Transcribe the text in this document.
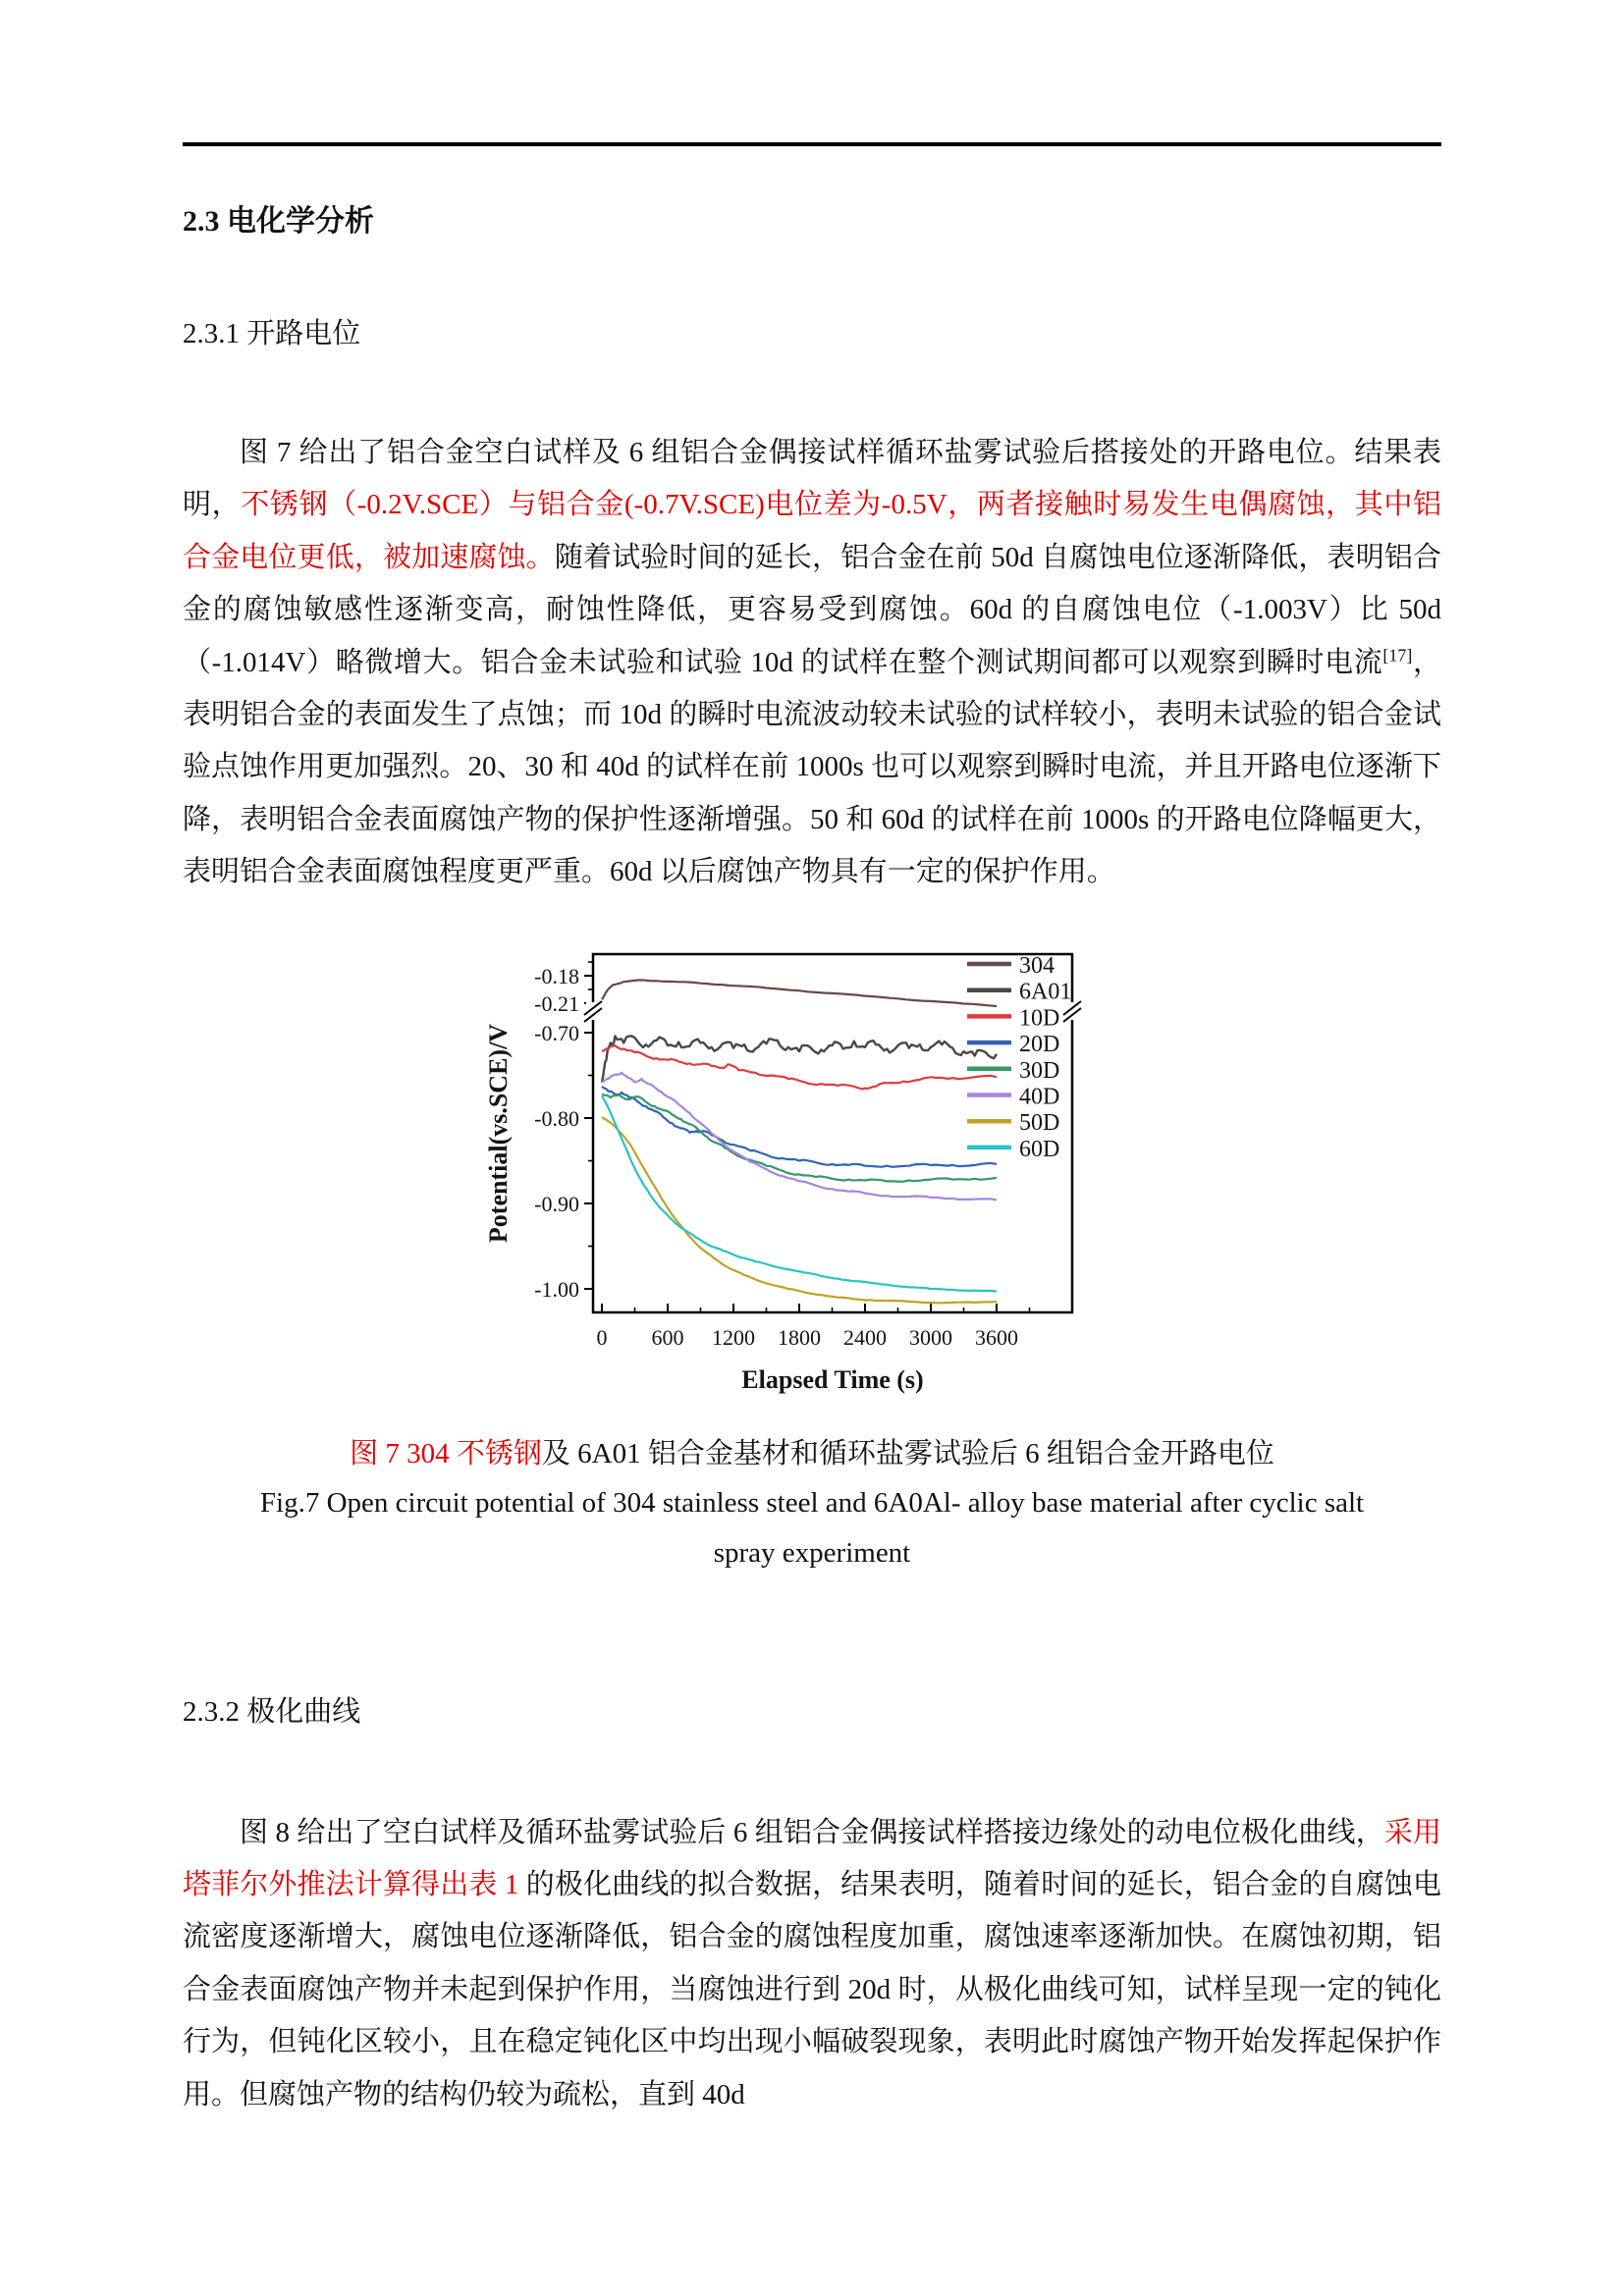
2.3 电化学分析
2.3.1 开路电位

图 7 给出了铝合金空白试样及 6 组铝合金偶接试样循环盐雾试验后搭接处的开路电位。结果表明，不锈钢（-0.2V.SCE）与铝合金(-0.7V.SCE)电位差为-0.5V，两者接触时易发生电偶腐蚀，其中铝合金电位更低，被加速腐蚀。随着试验时间的延长，铝合金在前 50d 自腐蚀电位逐渐降低，表明铝合金的腐蚀敏感性逐渐变高，耐蚀性降低，更容易受到腐蚀。60d 的自腐蚀电位（-1.003V）比 50d（-1.014V）略微增大。铝合金未试验和试验 10d 的试样在整个测试期间都可以观察到瞬时电流[17]，表明铝合金的表面发生了点蚀；而 10d 的瞬时电流波动较未试验的试样较小，表明未试验的铝合金试验点蚀作用更加强烈。20、30 和 40d 的试样在前 1000s 也可以观察到瞬时电流，并且开路电位逐渐下降，表明铝合金表面腐蚀产物的保护性逐渐增强。50 和 60d 的试样在前 1000s 的开路电位降幅更大，表明铝合金表面腐蚀程度更严重。60d 以后腐蚀产物具有一定的保护作用。

-0.18
-0.21
-0.70
-0.80
-0.90
-1.00
0 600 1200 1800 2400 3000 3600
Elapsed Time (s)
Potential(vs.SCE)/V
304
6A01
10D
20D
30D
40D
50D
60D
图 7 304 不锈钢及 6A01 铝合金基材和循环盐雾试验后 6 组铝合金开路电位
Fig.7 Open circuit potential of 304 stainless steel and 6A0Al- alloy base material after cyclic salt
spray experiment
2.3.2 极化曲线

图 8 给出了空白试样及循环盐雾试验后 6 组铝合金偶接试样搭接边缘处的动电位极化曲线，采用塔菲尔外推法计算得出表 1 的极化曲线的拟合数据，结果表明，随着时间的延长，铝合金的自腐蚀电流密度逐渐增大，腐蚀电位逐渐降低，铝合金的腐蚀程度加重，腐蚀速率逐渐加快。在腐蚀初期，铝合金表面腐蚀产物并未起到保护作用，当腐蚀进行到 20d 时，从极化曲线可知，试样呈现一定的钝化行为，但钝化区较小，且在稳定钝化区中均出现小幅破裂现象，表明此时腐蚀产物开始发挥起保护作用。但腐蚀产物的结构仍较为疏松，直到 40d
